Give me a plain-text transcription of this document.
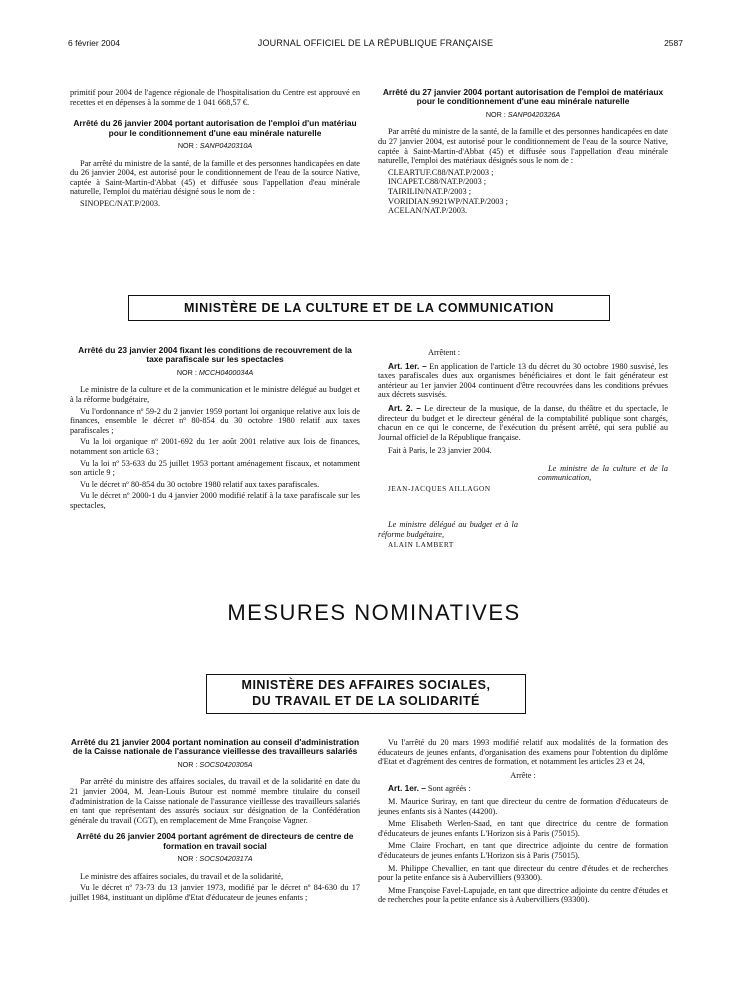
6 février 2004	JOURNAL OFFICIEL DE LA RÉPUBLIQUE FRANÇAISE	2587

primitif pour 2004 de l'agence régionale de l'hospitalisation du Centre est approuvé en recettes et en dépenses à la somme de 1 041 668,57 €.

Arrêté du 26 janvier 2004 portant autorisation de l'emploi d'un matériau pour le conditionnement d'une eau minérale naturelle
NOR : SANP0420310A

Par arrêté du ministre de la santé, de la famille et des personnes handicapées en date du 26 janvier 2004, est autorisé pour le conditionnement de l'eau de la source Native, captée à Saint-Martin-d'Abbat (45) et diffusée sous l'appellation d'eau minérale naturelle, l'emploi du matériau désigné sous le nom de :

SINOPEC/NAT.P/2003.

Arrêté du 27 janvier 2004 portant autorisation de l'emploi de matériaux pour le conditionnement d'une eau minérale naturelle
NOR : SANP0420326A

Par arrêté du ministre de la santé, de la famille et des personnes handicapées en date du 27 janvier 2004, est autorisé pour le conditionnement de l'eau de la source Native, captée à Saint-Martin-d'Abbat (45) et diffusée sous l'appellation d'eau minérale naturelle, l'emploi des matériaux désignés sous le nom de :

CLEARTUF.C88/NAT.P/2003 ;

INCAPET.C88/NAT.P/2003 ;

TAIRILIN/NAT.P/2003 ;

VORIDIAN.9921WP/NAT.P/2003 ;

ACELAN/NAT.P/2003.

MINISTÈRE DE LA CULTURE ET DE LA COMMUNICATION
Arrêté du 23 janvier 2004 fixant les conditions de recouvrement de la taxe parafiscale sur les spectacles
NOR : MCCH0400034A

Le ministre de la culture et de la communication et le ministre délégué au budget et à la réforme budgétaire,

Vu l'ordonnance nº 59-2 du 2 janvier 1959 portant loi organique relative aux lois de finances, ensemble le décret nº 80-854 du 30 octobre 1980 relatif aux taxes parafiscales ;

Vu la loi organique nº 2001-692 du 1er août 2001 relative aux lois de finances, notamment son article 63 ;

Vu la loi nº 53-633 du 25 juillet 1953 portant aménagement fiscaux, et notamment son article 9 ;

Vu le décret nº 80-854 du 30 octobre 1980 relatif aux taxes parafiscales.

Vu le décret nº 2000-1 du 4 janvier 2000 modifié relatif à la taxe parafiscale sur les spectacles,

Arrêtent :

Art. 1er. – En application de l'article 13 du décret du 30 octobre 1980 susvisé, les taxes parafiscales dues aux organismes bénéficiaires et dont le fait générateur est antérieur au 1er janvier 2004 continuent d'être recouvrées dans les conditions prévues aux décrets susvisés.

Art. 2. – Le directeur de la musique, de la danse, du théâtre et du spectacle, le directeur du budget et le directeur général de la comptabilité publique sont chargés, chacun en ce qui le concerne, de l'exécution du présent arrêté, qui sera publié au Journal officiel de la République française.

Fait à Paris, le 23 janvier 2004.

Le ministre de la culture et de la communication,

JEAN-JACQUES AILLAGON

Le ministre délégué au budget et à la réforme budgétaire,

ALAIN LAMBERT

MESURES NOMINATIVES
MINISTÈRE DES AFFAIRES SOCIALES,
DU TRAVAIL ET DE LA SOLIDARITÉ
Arrêté du 21 janvier 2004 portant nomination au conseil d'administration de la Caisse nationale de l'assurance vieillesse des travailleurs salariés
NOR : SOCS0420305A

Par arrêté du ministre des affaires sociales, du travail et de la solidarité en date du 21 janvier 2004, M. Jean-Louis Butour est nommé membre titulaire du conseil d'administration de la Caisse nationale de l'assurance vieillesse des travailleurs salariés en tant que représentant des assurés sociaux sur désignation de la Confédération générale du travail (CGT), en remplacement de Mme Françoise Vagner.

Arrêté du 26 janvier 2004 portant agrément de directeurs de centre de formation en travail social
NOR : SOCS0420317A

Le ministre des affaires sociales, du travail et de la solidarité,

Vu le décret nº 73-73 du 13 janvier 1973, modifié par le décret nº 84-630 du 17 juillet 1984, instituant un diplôme d'Etat d'éducateur de jeunes enfants ;

Vu l'arrêté du 20 mars 1993 modifié relatif aux modalités de la formation des éducateurs de jeunes enfants, d'organisation des examens pour l'obtention du diplôme d'Etat et d'agrément des centres de formation, et notamment les articles 23 et 24,

Arrête :

Art. 1er. – Sont agréés :

M. Maurice Suriray, en tant que directeur du centre de formation d'éducateurs de jeunes enfants sis à Nantes (44200).

Mme Elisabeth Werlen-Saad, en tant que directrice du centre de formation d'éducateurs de jeunes enfants L'Horizon sis à Paris (75015).

Mme Claire Frochart, en tant que directrice adjointe du centre de formation d'éducateurs de jeunes enfants L'Horizon sis à Paris (75015).

M. Philippe Chevallier, en tant que directeur du centre d'études et de recherches pour la petite enfance sis à Aubervilliers (93300).

Mme Françoise Favel-Lapujade, en tant que directrice adjointe du centre d'études et de recherches pour la petite enfance sis à Aubervilliers (93300).
